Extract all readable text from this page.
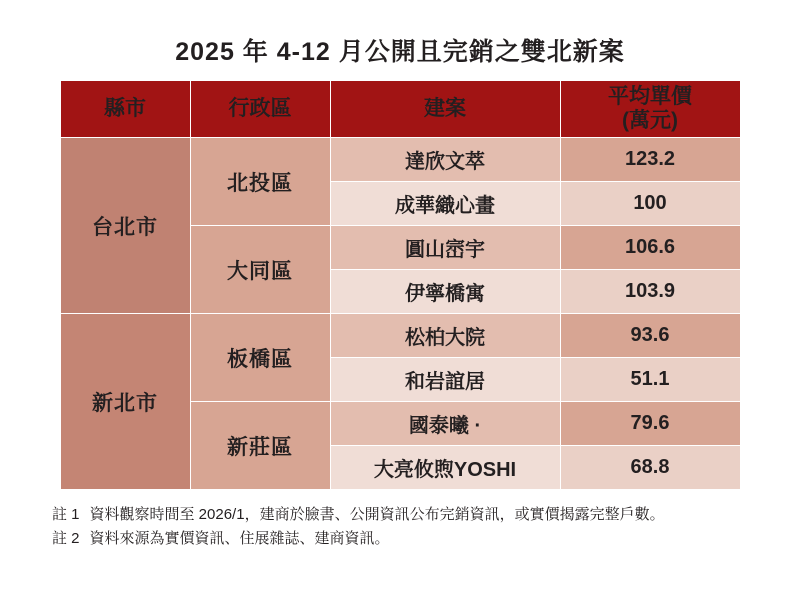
2025 年 4-12 月公開且完銷之雙北新案
縣市	行政區	建案	平均單價
(萬元)

台北市	北投區	達欣文萃	123.2
		成華織心畫	100
	大同區	圓山崈宇	106.6
		伊寧橋寓	103.9
新北市	板橋區	松柏大院	93.6
		和岩誼居	51.1
	新莊區	國泰曦 ·	79.6
		大亮攸煦YOSHI	68.8
註 1 資料觀察時間至 2026/1，建商於臉書、公開資訊公布完銷資訊，或實價揭露完整戶數。
註 2 資料來源為實價資訊、住展雜誌、建商資訊。
